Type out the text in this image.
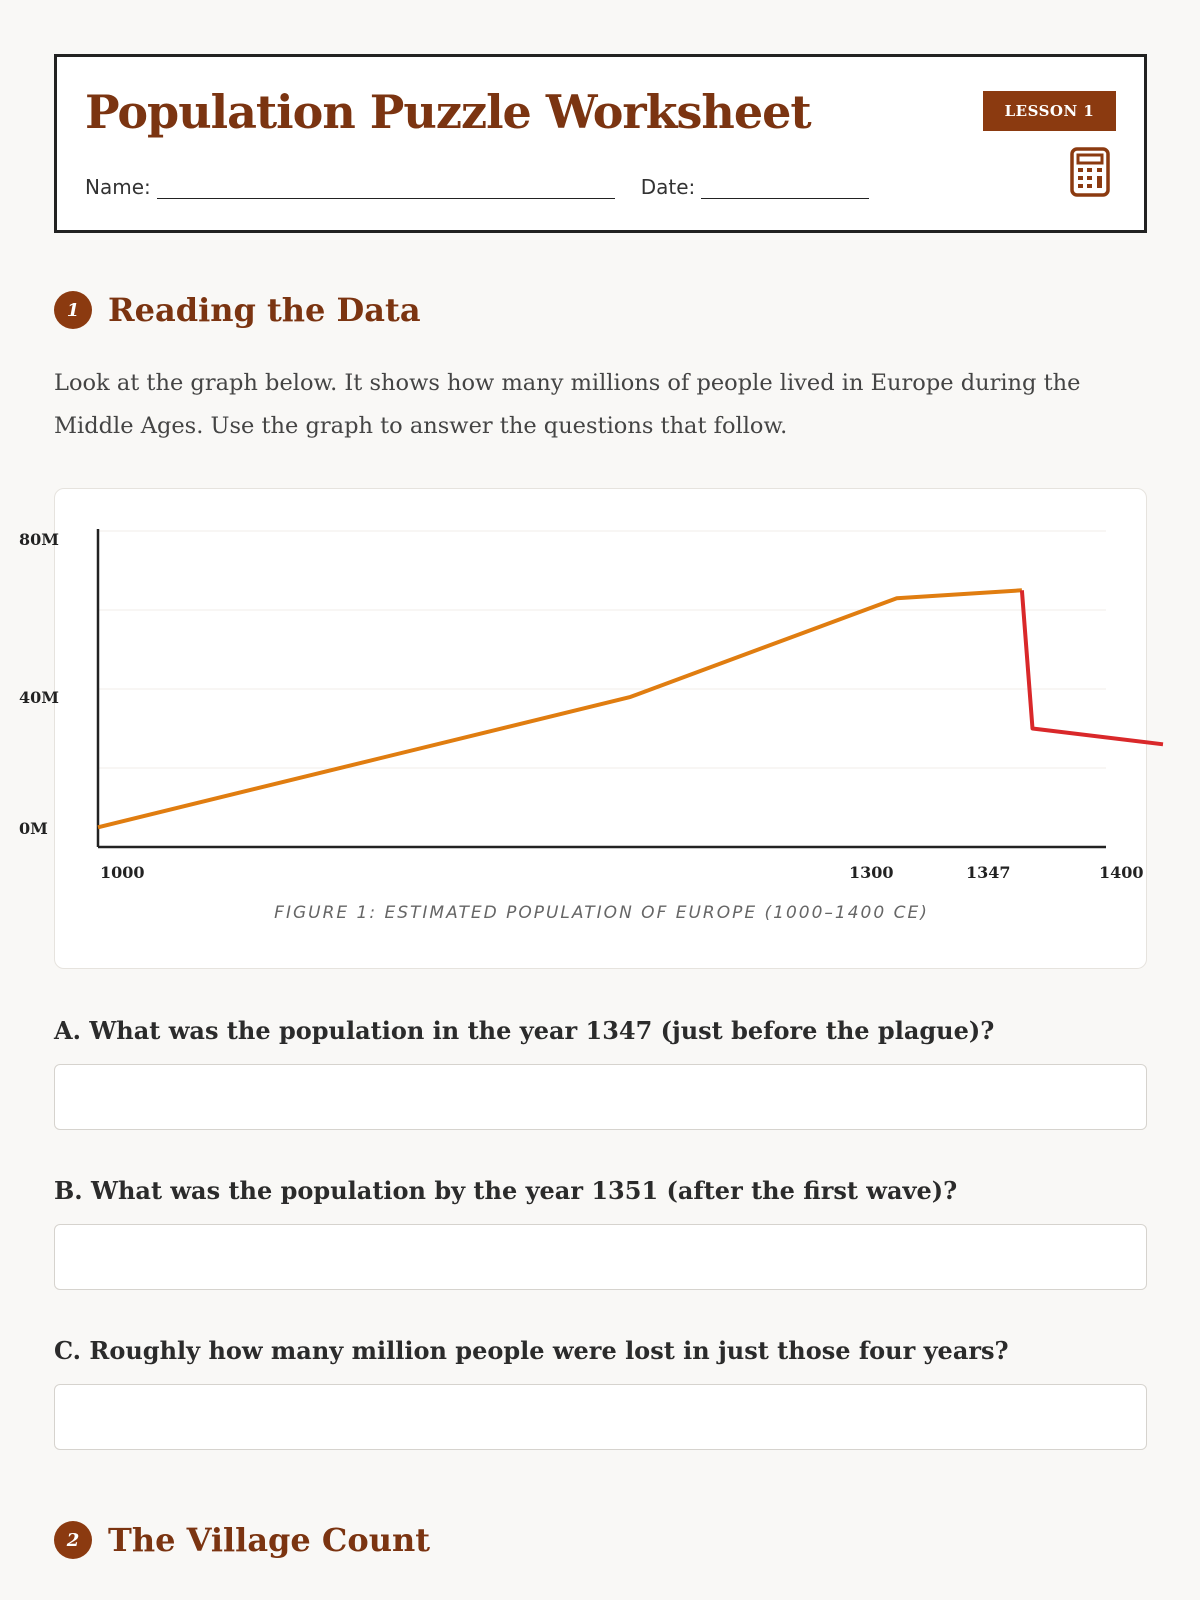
Population Puzzle Worksheet
Name:	Date:
LESSON 1
1 Reading the Data
Look at the graph below. It shows how many millions of people lived in Europe during the Middle Ages. Use the graph to answer the questions that follow.
80M
40M
0M
1000	1300	1347	1400
FIGURE 1: ESTIMATED POPULATION OF EUROPE (1000–1400 CE)
A. What was the population in the year 1347 (just before the plague)?
B. What was the population by the year 1351 (after the first wave)?
C. Roughly how many million people were lost in just those four years?
2 The Village Count
